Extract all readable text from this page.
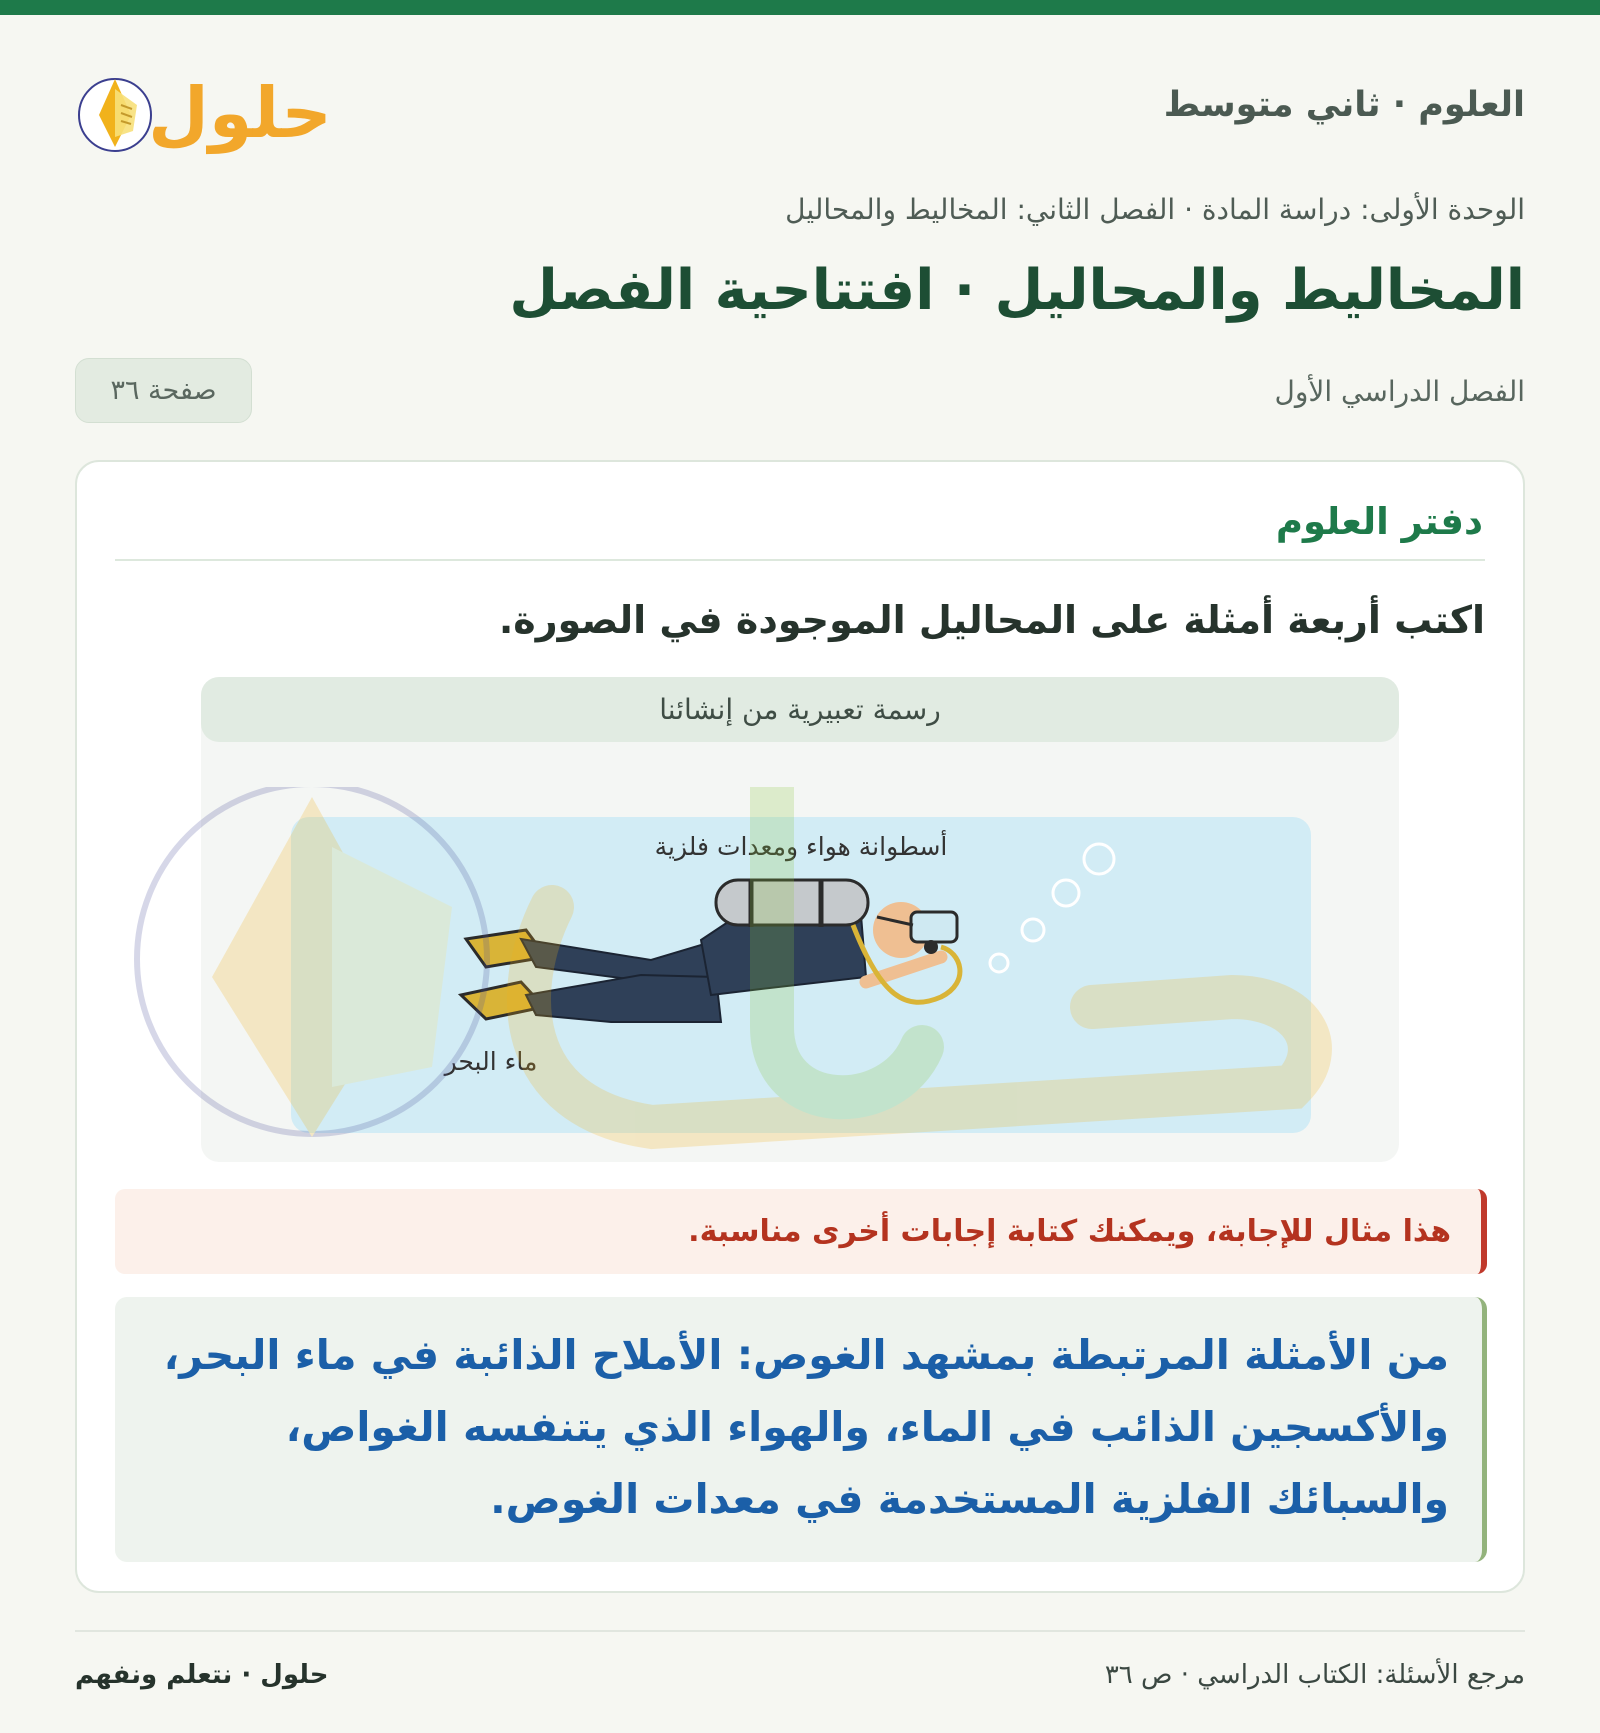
العلوم · ثاني متوسط
حلول
الوحدة الأولى: دراسة المادة · الفصل الثاني: المخاليط والمحاليل
المخاليط والمحاليل · افتتاحية الفصل
الفصل الدراسي الأول
صفحة ٣٦
دفتر العلوم
اكتب أربعة أمثلة على المحاليل الموجودة في الصورة.
رسمة تعبيرية من إنشائنا
أسطوانة هواء ومعدات فلزية
ماء البحر
هذا مثال للإجابة، ويمكنك كتابة إجابات أخرى مناسبة.
من الأمثلة المرتبطة بمشهد الغوص: الأملاح الذائبة في ماء البحر، والأكسجين الذائب في الماء، والهواء الذي يتنفسه الغواص، والسبائك الفلزية المستخدمة في معدات الغوص.
مرجع الأسئلة: الكتاب الدراسي · ص ٣٦
حلول · نتعلم ونفهم
